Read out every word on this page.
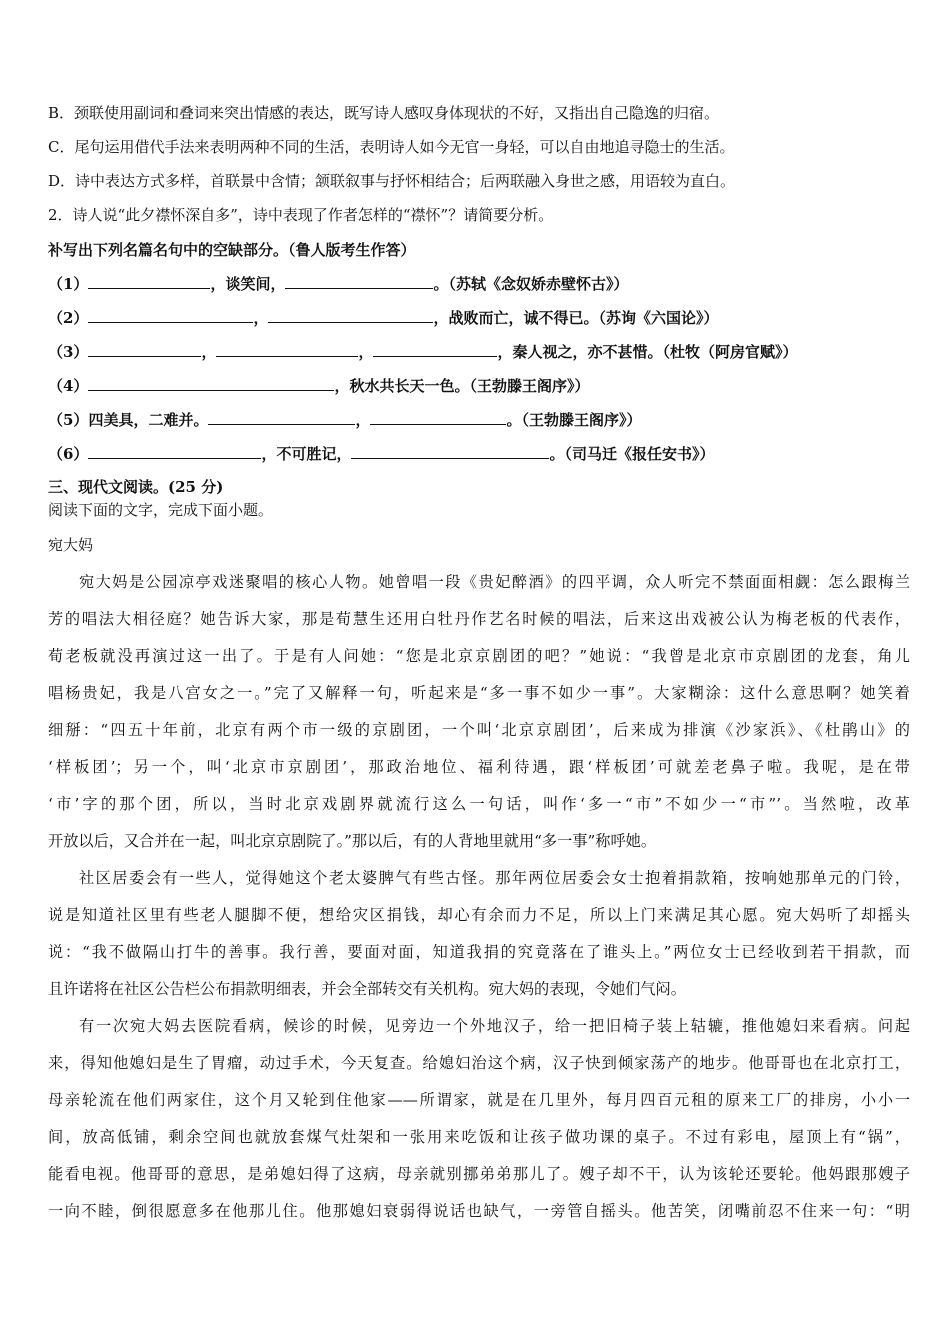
B．颈联使用副词和叠词来突出情感的表达，既写诗人感叹身体现状的不好，又指出自己隐逸的归宿。
C．尾句运用借代手法来表明两种不同的生活，表明诗人如今无官一身轻，可以自由地追寻隐士的生活。
D．诗中表达方式多样，首联景中含情；颔联叙事与抒怀相结合；后两联融入身世之感，用语较为直白。
2．诗人说“此夕襟怀深自多”，诗中表现了作者怎样的“襟怀”？请简要分析。
补写出下列名篇名句中的空缺部分。（鲁人版考生作答）
（1）	，谈笑间，	。（苏轼《念奴娇赤壁怀古》）
（2）	，	，战败而亡，诚不得已。（苏询《六国论》）
（3）	，	，	，秦人视之，亦不甚惜。（杜牧（阿房官赋》）
（4）	，秋水共长天一色。（王勃滕王阁序》）
（5）四美具，二难并。	，	。（王勃滕王阁序》）
（6）	，不可胜记，	。（司马迁《报任安书》）
三、现代文阅读。(25 分)
阅读下面的文字，完成下面小题。
宛大妈
宛大妈是公园凉亭戏迷聚唱的核心人物。她曾唱一段《贵妃醉酒》的四平调，众人听完不禁面面相觑：怎么跟梅兰
芳的唱法大相径庭？她告诉大家，那是荀慧生还用白牡丹作艺名时候的唱法，后来这出戏被公认为梅老板的代表作，
荀老板就没再演过这一出了。于是有人问她：“您是北京京剧团的吧？”她说：“我曾是北京市京剧团的龙套，角儿
唱杨贵妃，我是八宫女之一。”完了又解释一句，听起来是“多一事不如少一事”。大家糊涂：这什么意思啊？她笑着
细掰：“四五十年前，北京有两个市一级的京剧团，一个叫‘北京京剧团’，后来成为排演《沙家浜》、《杜鹃山》的
‘样板团’；另一个，叫‘北京市京剧团’，那政治地位、福利待遇，跟‘样板团’可就差老鼻子啦。我呢，是在带
‘市’字的那个团，所以，当时北京戏剧界就流行这么一句话，叫作‘多一“市”不如少一“市”’。当然啦，改革
开放以后，又合并在一起，叫北京京剧院了。”那以后，有的人背地里就用“多一事”称呼她。
社区居委会有一些人，觉得她这个老太婆脾气有些古怪。那年两位居委会女士抱着捐款箱，按响她那单元的门铃，
说是知道社区里有些老人腿脚不便，想给灾区捐钱，却心有余而力不足，所以上门来满足其心愿。宛大妈听了却摇头
说：“我不做隔山打牛的善事。我行善，要面对面，知道我捐的究竟落在了谁头上。”两位女士已经收到若干捐款，而
且许诺将在社区公告栏公布捐款明细表，并会全部转交有关机构。宛大妈的表现，令她们气闷。
有一次宛大妈去医院看病，候诊的时候，见旁边一个外地汉子，给一把旧椅子装上轱辘，推他媳妇来看病。问起
来，得知他媳妇是生了胃瘤，动过手术，今天复查。给媳妇治这个病，汉子快到倾家荡产的地步。他哥哥也在北京打工，
母亲轮流在他们两家住，这个月又轮到住他家——所谓家，就是在几里外，每月四百元租的原来工厂的排房，小小一
间，放高低铺，剩余空间也就放套煤气灶架和一张用来吃饭和让孩子做功课的桌子。不过有彩电，屋顶上有“锅”，
能看电视。他哥哥的意思，是弟媳妇得了这病，母亲就别挪弟弟那儿了。嫂子却不干，认为该轮还要轮。他妈跟那嫂子
一向不睦，倒很愿意多在他那儿住。他那媳妇衰弱得说话也缺气，一旁管自摇头。他苦笑，闭嘴前忍不住来一句：“明
